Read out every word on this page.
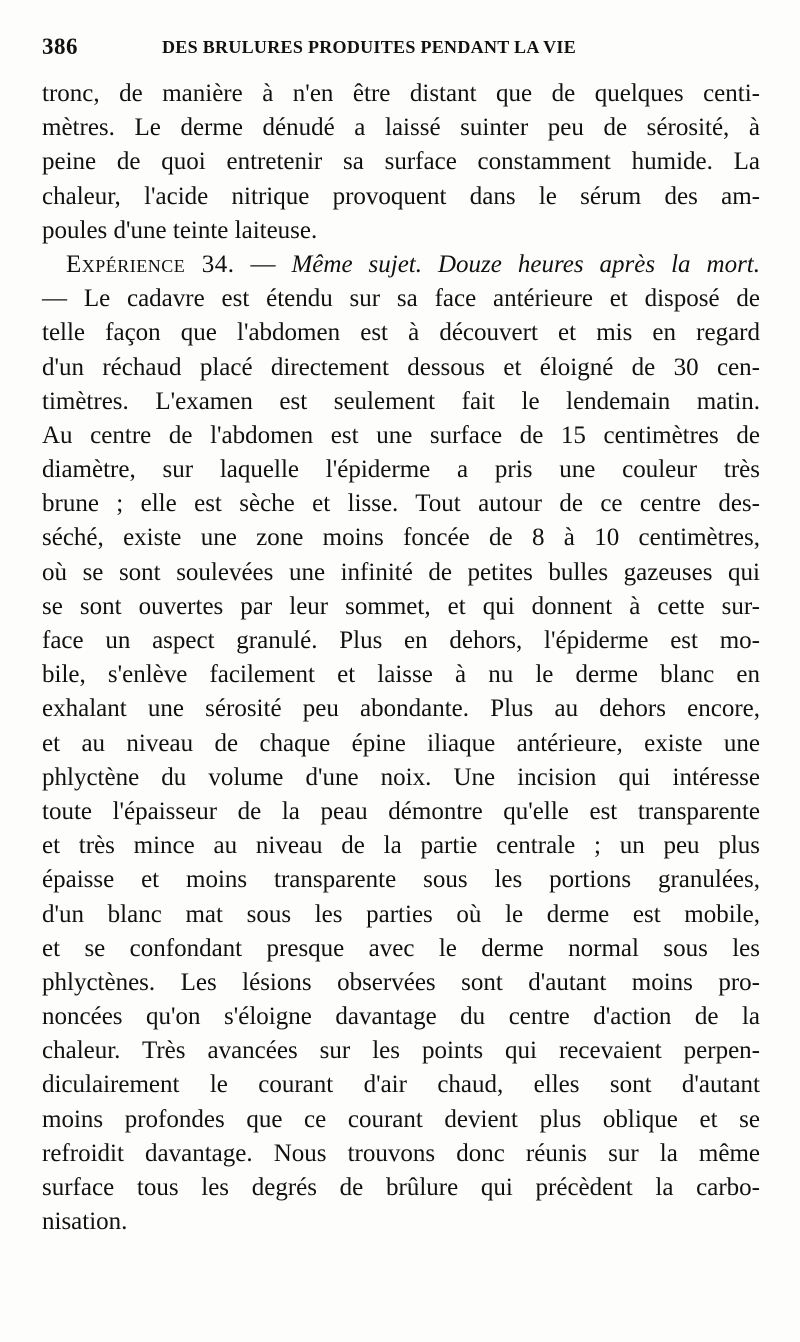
386	DES BRULURES PRODUITES PENDANT LA VIE
tronc, de manière à n'en être distant que de quelques centi-
mètres. Le derme dénudé a laissé suinter peu de sérosité, à
peine de quoi entretenir sa surface constamment humide. La
chaleur, l'acide nitrique provoquent dans le sérum des am-
poules d'une teinte laiteuse.
Expérience 34. — Même sujet. Douze heures après la mort.
— Le cadavre est étendu sur sa face antérieure et disposé de
telle façon que l'abdomen est à découvert et mis en regard
d'un réchaud placé directement dessous et éloigné de 30 cen-
timètres. L'examen est seulement fait le lendemain matin.
Au centre de l'abdomen est une surface de 15 centimètres de
diamètre, sur laquelle l'épiderme a pris une couleur très
brune ; elle est sèche et lisse. Tout autour de ce centre des-
séché, existe une zone moins foncée de 8 à 10 centimètres,
où se sont soulevées une infinité de petites bulles gazeuses qui
se sont ouvertes par leur sommet, et qui donnent à cette sur-
face un aspect granulé. Plus en dehors, l'épiderme est mo-
bile, s'enlève facilement et laisse à nu le derme blanc en
exhalant une sérosité peu abondante. Plus au dehors encore,
et au niveau de chaque épine iliaque antérieure, existe une
phlyctène du volume d'une noix. Une incision qui intéresse
toute l'épaisseur de la peau démontre qu'elle est transparente
et très mince au niveau de la partie centrale ; un peu plus
épaisse et moins transparente sous les portions granulées,
d'un blanc mat sous les parties où le derme est mobile,
et se confondant presque avec le derme normal sous les
phlyctènes. Les lésions observées sont d'autant moins pro-
noncées qu'on s'éloigne davantage du centre d'action de la
chaleur. Très avancées sur les points qui recevaient perpen-
diculairement le courant d'air chaud, elles sont d'autant
moins profondes que ce courant devient plus oblique et se
refroidit davantage. Nous trouvons donc réunis sur la même
surface tous les degrés de brûlure qui précèdent la carbo-
nisation.
